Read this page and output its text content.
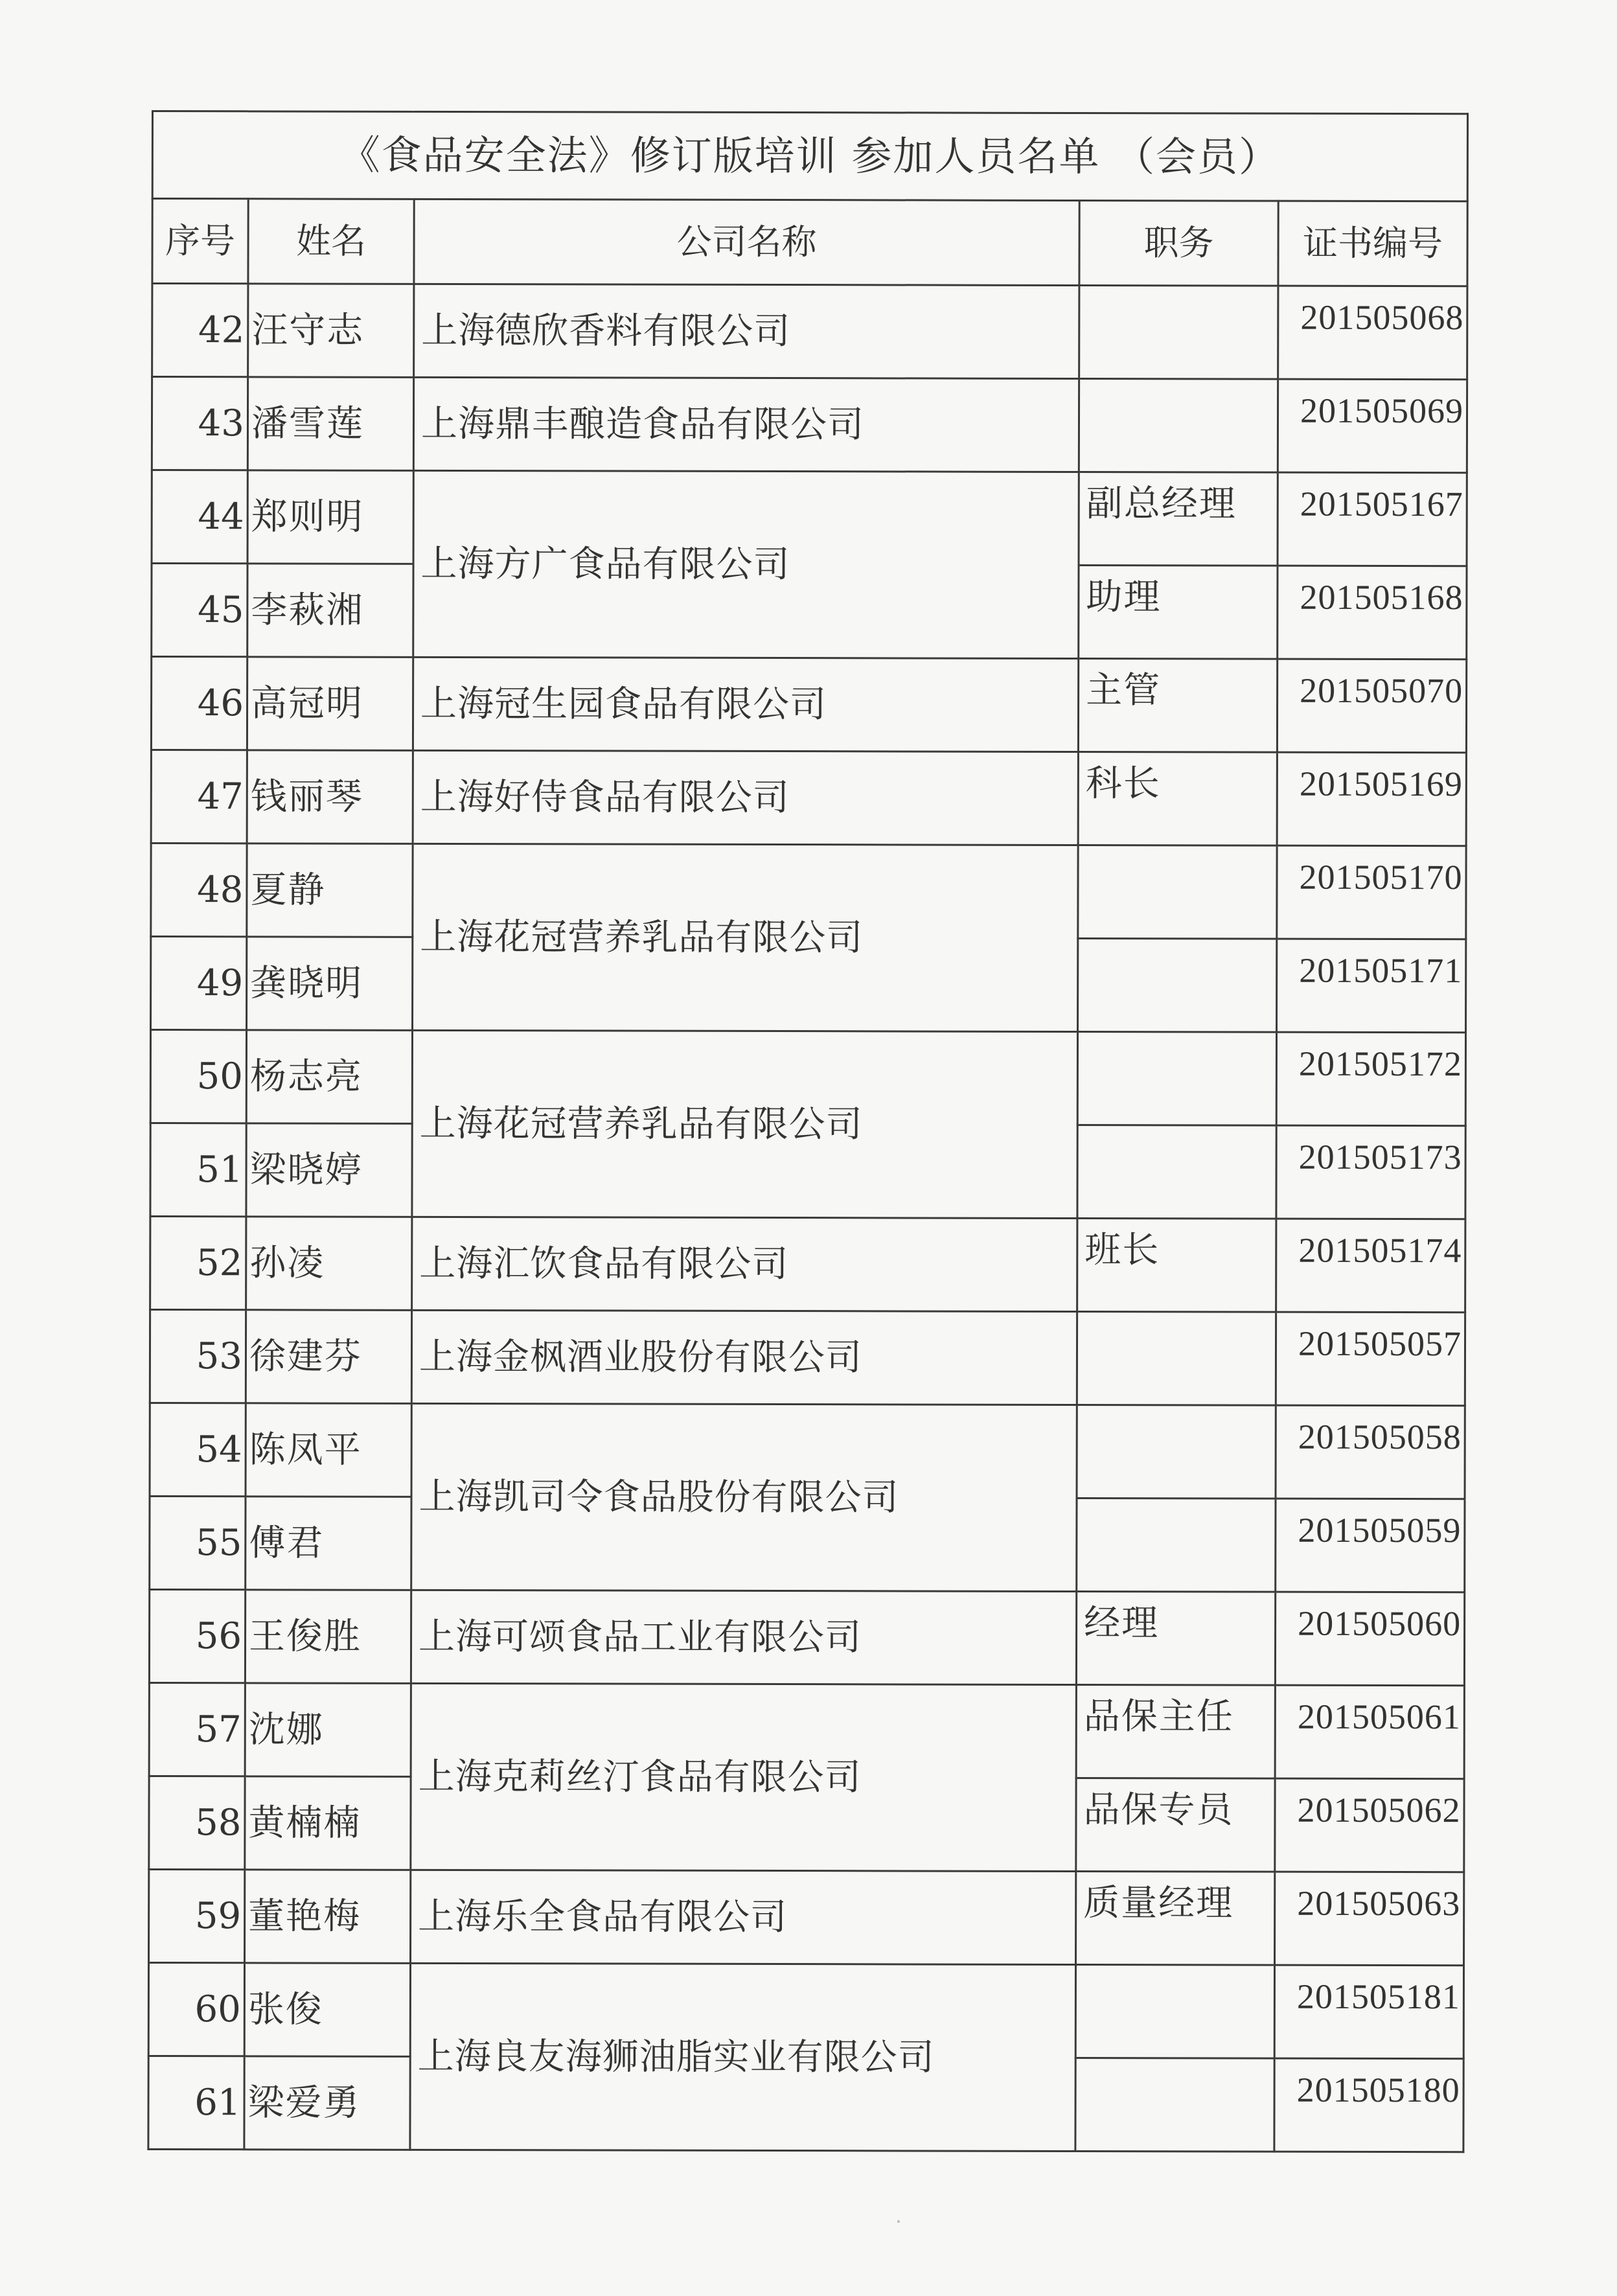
《食品安全法》修订版培训 参加人员名单 （会员）				
序号	姓名	公司名称	职务	证书编号
42	汪守志	上海德欣香料有限公司		201505068
43	潘雪莲	上海鼎丰酿造食品有限公司		201505069
44	郑则明	上海方广食品有限公司	副总经理	201505167
45	李萩湘		助理	201505168
46	高冠明	上海冠生园食品有限公司	主管	201505070
47	钱丽琴	上海好侍食品有限公司	科长	201505169
48	夏静	上海花冠营养乳品有限公司		201505170
49	龚晓明			201505171
50	杨志亮	上海花冠营养乳品有限公司		201505172
51	梁晓婷			201505173
52	孙凌	上海汇饮食品有限公司	班长	201505174
53	徐建芬	上海金枫酒业股份有限公司		201505057
54	陈凤平	上海凯司令食品股份有限公司		201505058
55	傅君			201505059
56	王俊胜	上海可颂食品工业有限公司	经理	201505060
57	沈娜	上海克莉丝汀食品有限公司	品保主任	201505061
58	黄楠楠		品保专员	201505062
59	董艳梅	上海乐全食品有限公司	质量经理	201505063
60	张俊	上海良友海狮油脂实业有限公司		201505181
61	梁爱勇			201505180
